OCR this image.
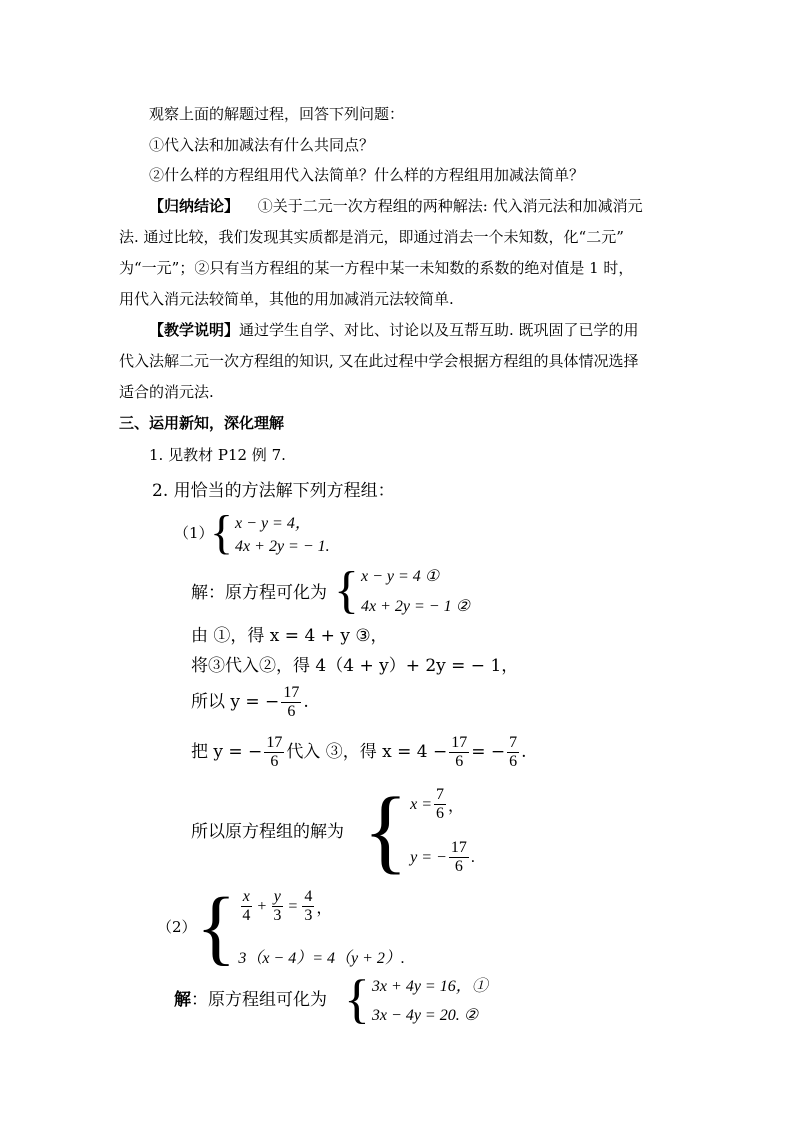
观察上面的解题过程，回答下列问题：
①代入法和加减法有什么共同点？
②什么样的方程组用代入法简单？什么样的方程组用加减法简单？
【归纳结论】 ①关于二元一次方程组的两种解法: 代入消元法和加减消元
法. 通过比较，我们发现其实质都是消元，即通过消去一个未知数，化“二元”
为“一元”；②只有当方程组的某一方程中某一未知数的系数的绝对值是 1 时，
用代入消元法较简单，其他的用加减消元法较简单.
【教学说明】通过学生自学、对比、讨论以及互帮互助. 既巩固了已学的用
代入法解二元一次方程组的知识, 又在此过程中学会根据方程组的具体情况选择
适合的消元法.
三、运用新知，深化理解
1. 见教材 P12 例 7.
2. 用恰当的方法解下列方程组：
（1）
{ x − y = 4，
4x + 2y = − 1.
解：原方程可化为 { x − y = 4 ①
4x + 2y = − 1 ②
由 ①，得 x = 4 + y ③，
将③代入②，得 4（4 + y）+ 2y = − 1，
所以 y = − $\frac{17}{6}$ .
把 y = − $\frac{17}{6}$ 代入 ③，得 $x = 4 - \frac{17}{6}$ = − $\frac{7}{6}$ .
所以原方程组的解为 { $x = \frac{7}{6}$ ，
y = − $\frac{17}{6}$ .
（2） { $\frac{x}{4} + \frac{y}{3} = \frac{4}{3}$ ，
3（x − 4）= 4（y + 2）.
解：原方程组可化为 { 3x + 4y = 16，①
3x − 4y = 20. ②
